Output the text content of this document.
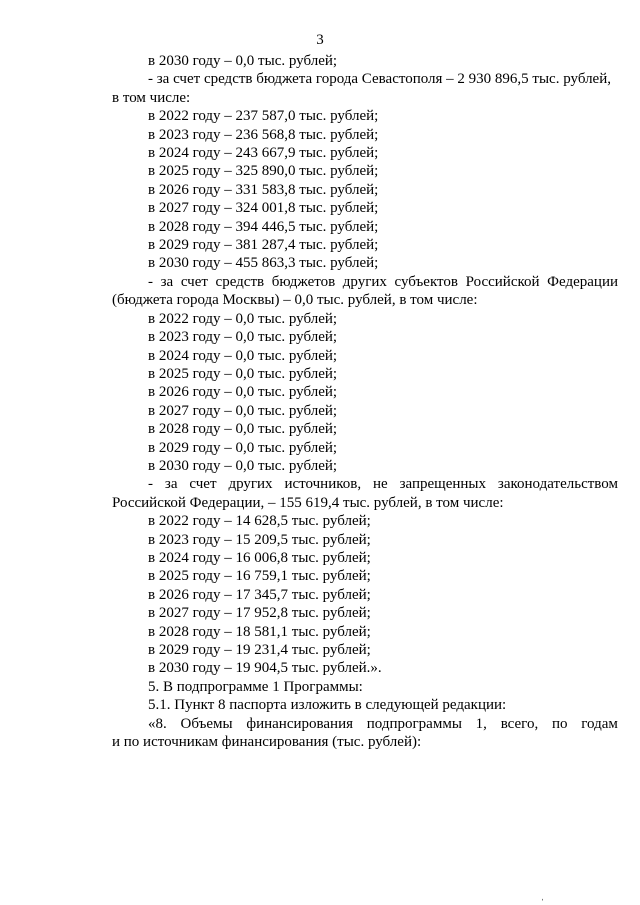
3
в 2030 году – 0,0 тыс. рублей;
- за счет средств бюджета города Севастополя – 2 930 896,5 тыс. рублей,
в том числе:
в 2022 году – 237 587,0 тыс. рублей;
в 2023 году – 236 568,8 тыс. рублей;
в 2024 году – 243 667,9 тыс. рублей;
в 2025 году – 325 890,0 тыс. рублей;
в 2026 году – 331 583,8 тыс. рублей;
в 2027 году – 324 001,8 тыс. рублей;
в 2028 году – 394 446,5 тыс. рублей;
в 2029 году – 381 287,4 тыс. рублей;
в 2030 году – 455 863,3 тыс. рублей;
- за счет средств бюджетов других субъектов Российской Федерации
(бюджета города Москвы) – 0,0 тыс. рублей, в том числе:
в 2022 году – 0,0 тыс. рублей;
в 2023 году – 0,0 тыс. рублей;
в 2024 году – 0,0 тыс. рублей;
в 2025 году – 0,0 тыс. рублей;
в 2026 году – 0,0 тыс. рублей;
в 2027 году – 0,0 тыс. рублей;
в 2028 году – 0,0 тыс. рублей;
в 2029 году – 0,0 тыс. рублей;
в 2030 году – 0,0 тыс. рублей;
- за счет других источников, не запрещенных законодательством
Российской Федерации, – 155 619,4 тыс. рублей, в том числе:
в 2022 году – 14 628,5 тыс. рублей;
в 2023 году – 15 209,5 тыс. рублей;
в 2024 году – 16 006,8 тыс. рублей;
в 2025 году – 16 759,1 тыс. рублей;
в 2026 году – 17 345,7 тыс. рублей;
в 2027 году – 17 952,8 тыс. рублей;
в 2028 году – 18 581,1 тыс. рублей;
в 2029 году – 19 231,4 тыс. рублей;
в 2030 году – 19 904,5 тыс. рублей.».
5. В подпрограмме 1 Программы:
5.1. Пункт 8 паспорта изложить в следующей редакции:
«8. Объемы финансирования подпрограммы 1, всего, по годам
и по источникам финансирования (тыс. рублей):
ˌ
